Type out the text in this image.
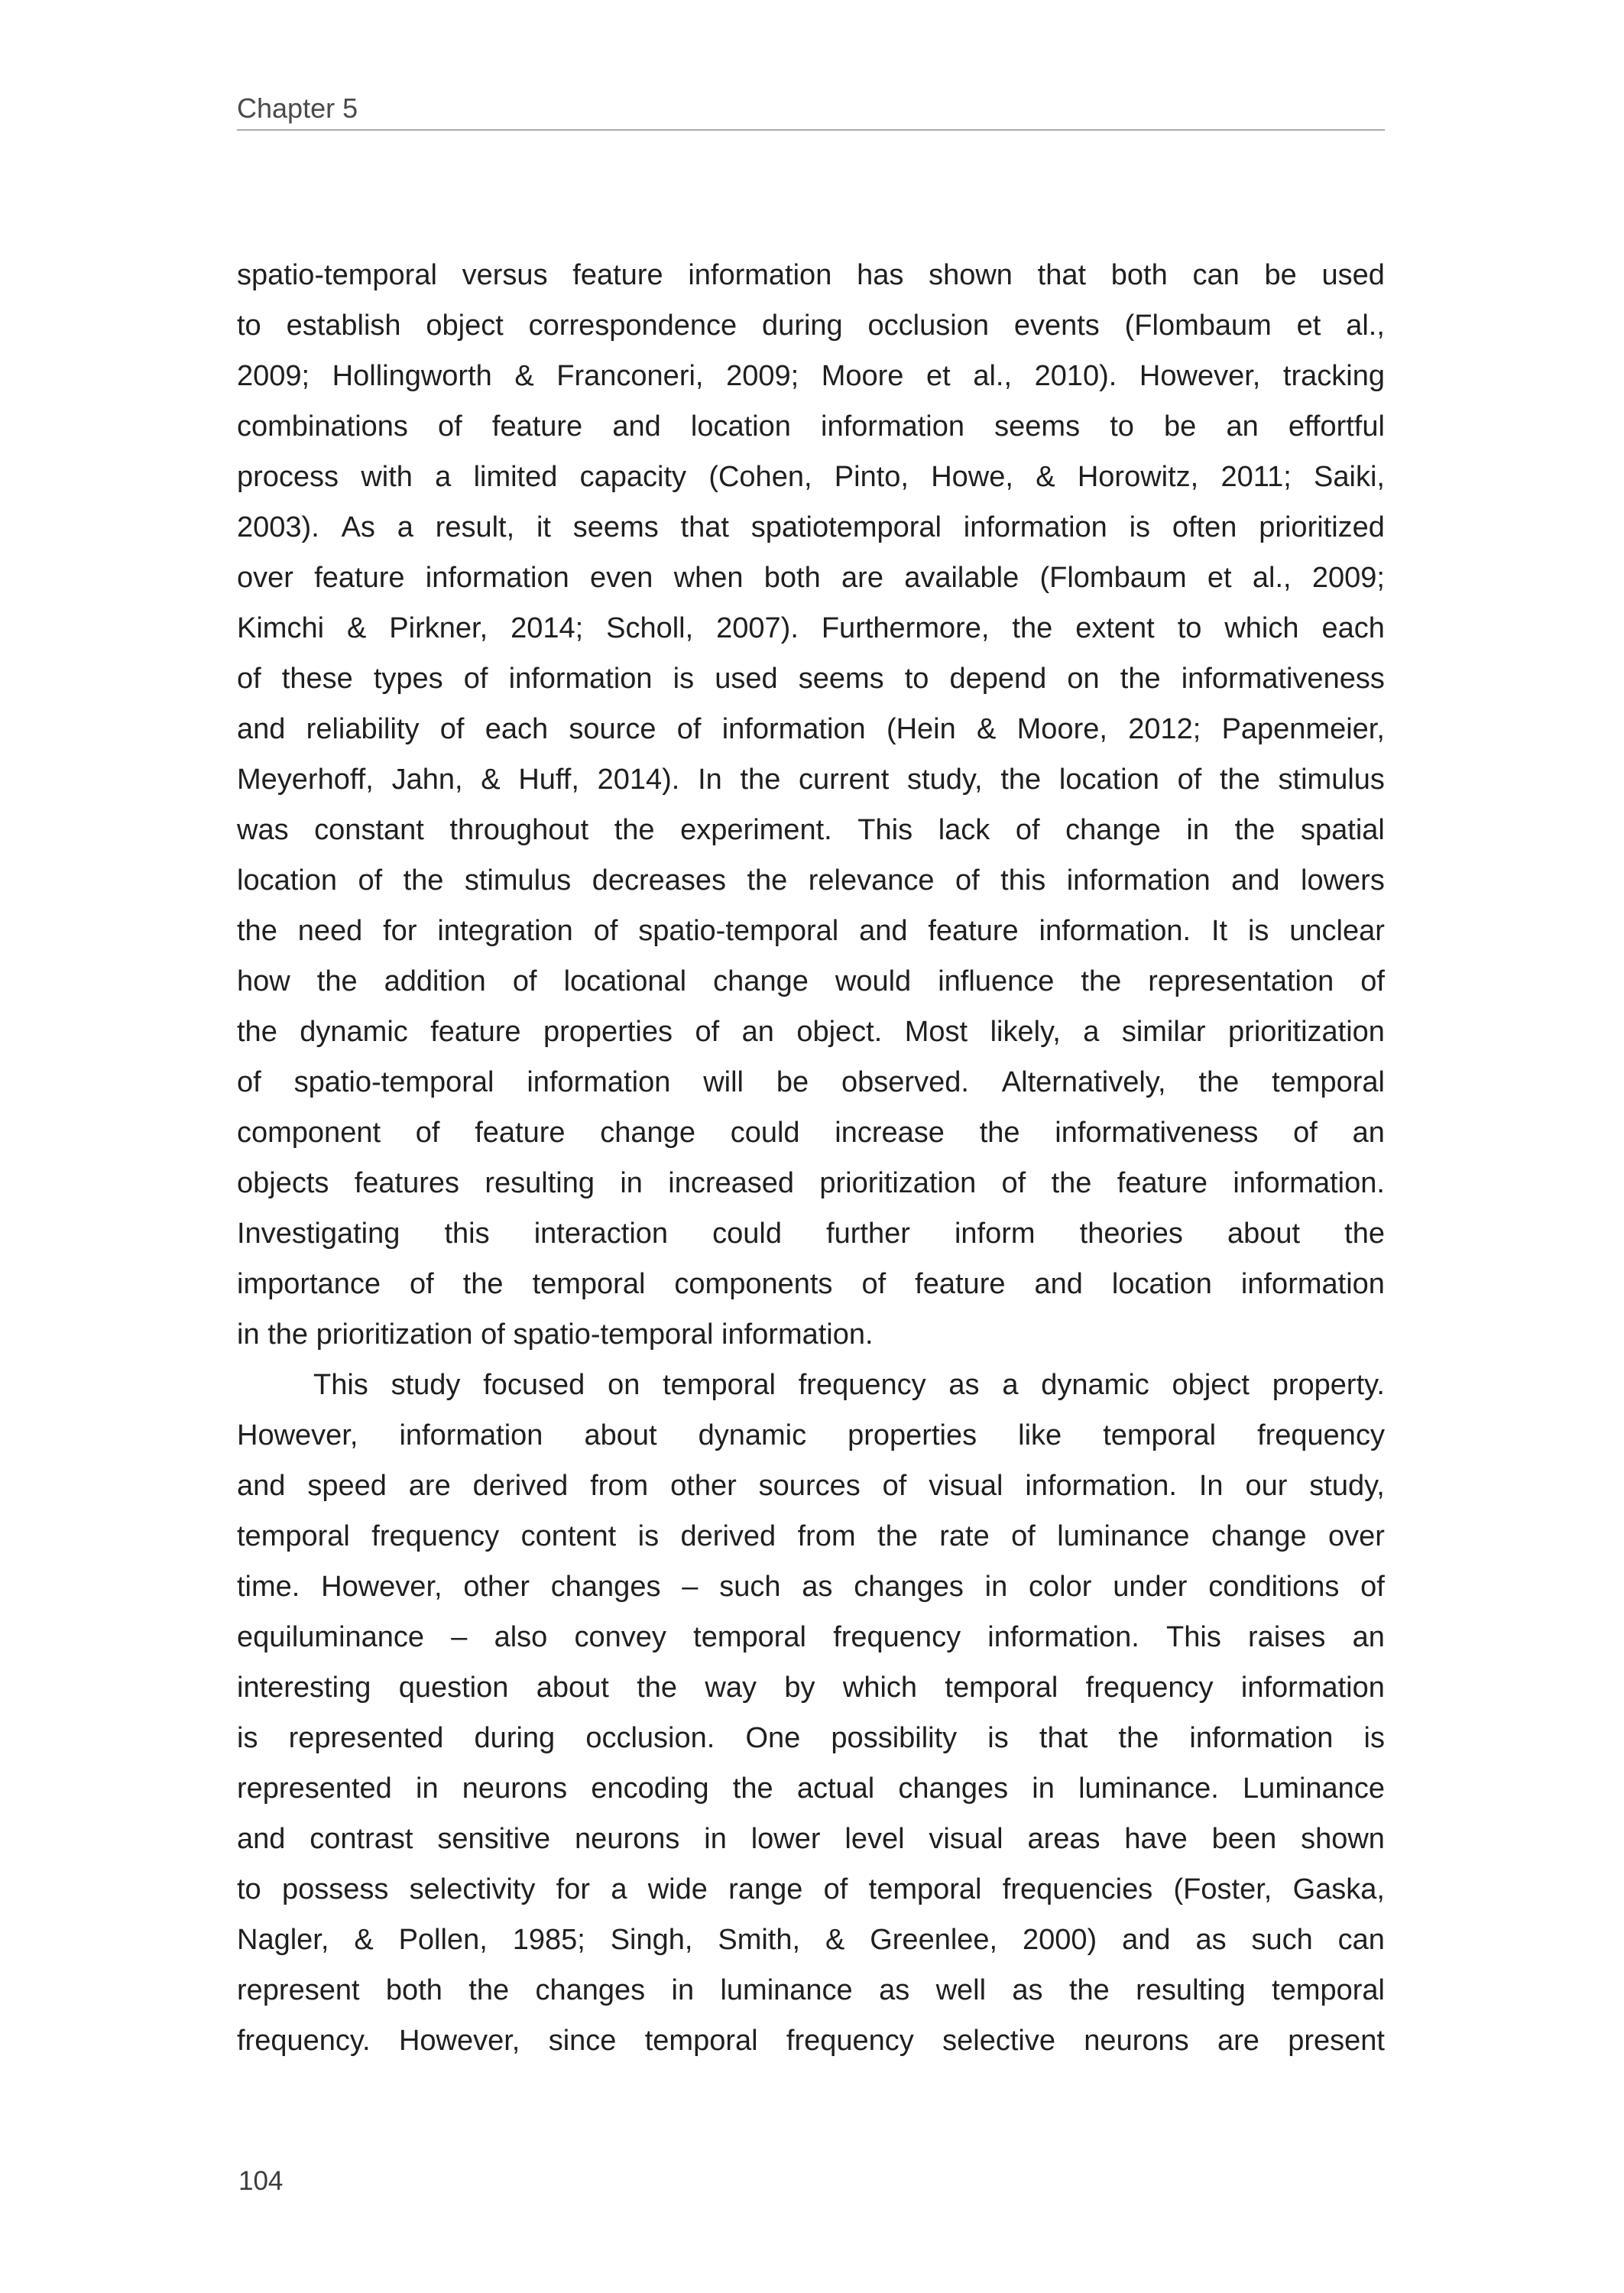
Chapter 5
spatio-temporal versus feature information has shown that both can be used
to establish object correspondence during occlusion events (Flombaum et al.,
2009; Hollingworth & Franconeri, 2009; Moore et al., 2010). However, tracking
combinations of feature and location information seems to be an effortful
process with a limited capacity (Cohen, Pinto, Howe, & Horowitz, 2011; Saiki,
2003). As a result, it seems that spatiotemporal information is often prioritized
over feature information even when both are available (Flombaum et al., 2009;
Kimchi & Pirkner, 2014; Scholl, 2007). Furthermore, the extent to which each
of these types of information is used seems to depend on the informativeness
and reliability of each source of information (Hein & Moore, 2012; Papenmeier,
Meyerhoff, Jahn, & Huff, 2014). In the current study, the location of the stimulus
was constant throughout the experiment. This lack of change in the spatial
location of the stimulus decreases the relevance of this information and lowers
the need for integration of spatio-temporal and feature information. It is unclear
how the addition of locational change would influence the representation of
the dynamic feature properties of an object. Most likely, a similar prioritization
of spatio-temporal information will be observed. Alternatively, the temporal
component of feature change could increase the informativeness of an
objects features resulting in increased prioritization of the feature information.
Investigating this interaction could further inform theories about the
importance of the temporal components of feature and location information
in the prioritization of spatio-temporal information.
This study focused on temporal frequency as a dynamic object property.
However, information about dynamic properties like temporal frequency
and speed are derived from other sources of visual information. In our study,
temporal frequency content is derived from the rate of luminance change over
time. However, other changes – such as changes in color under conditions of
equiluminance – also convey temporal frequency information. This raises an
interesting question about the way by which temporal frequency information
is represented during occlusion. One possibility is that the information is
represented in neurons encoding the actual changes in luminance. Luminance
and contrast sensitive neurons in lower level visual areas have been shown
to possess selectivity for a wide range of temporal frequencies (Foster, Gaska,
Nagler, & Pollen, 1985; Singh, Smith, & Greenlee, 2000) and as such can
represent both the changes in luminance as well as the resulting temporal
frequency. However, since temporal frequency selective neurons are present
104
